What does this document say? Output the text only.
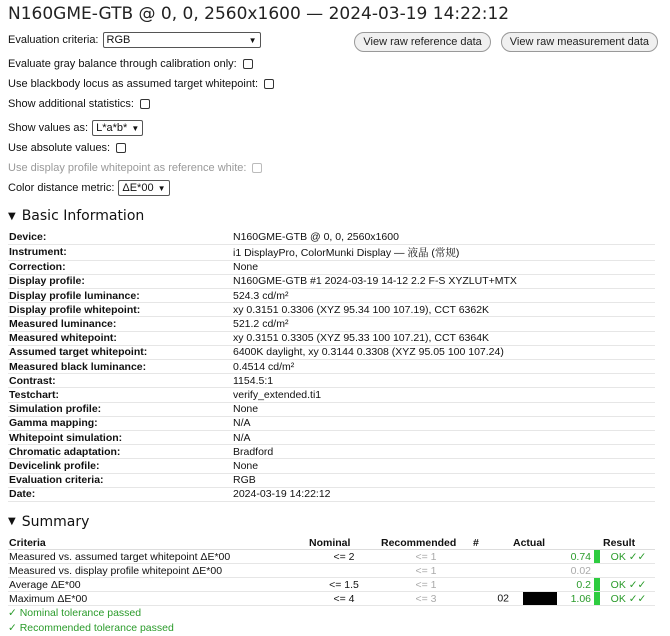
N160GME-GTB @ 0, 0, 2560x1600 — 2024-03-19 14:22:12
View raw reference data	View raw measurement data
Evaluation criteria: RGB	▼
Evaluate gray balance through calibration only:
Use blackbody locus as assumed target whitepoint:
Show additional statistics:
Show values as: L*a*b* ▼
Use absolute values:
Use display profile whitepoint as reference white:
Color distance metric: ΔE*00 ▼
▼ Basic Information
Device:	N160GME-GTB @ 0, 0, 2560x1600
Instrument:	i1 DisplayPro, ColorMunki Display — 液晶 (常规)
Correction:	None
Display profile:	N160GME-GTB #1 2024-03-19 14-12 2.2 F-S XYZLUT+MTX
Display profile luminance:	524.3 cd/m²
Display profile whitepoint:	xy 0.3151 0.3306 (XYZ 95.34 100 107.19), CCT 6362K
Measured luminance:	521.2 cd/m²
Measured whitepoint:	xy 0.3151 0.3305 (XYZ 95.33 100 107.21), CCT 6364K
Assumed target whitepoint:	6400K daylight, xy 0.3144 0.3308 (XYZ 95.05 100 107.24)
Measured black luminance:	0.4514 cd/m²
Contrast:	1154.5:1
Testchart:	verify_extended.ti1
Simulation profile:	None
Gamma mapping:	N/A
Whitepoint simulation:	N/A
Chromatic adaptation:	Bradford
Devicelink profile:	None
Evaluation criteria:	RGB
Date:	2024-03-19 14:22:12
▼ Summary
Criteria	Nominal	Recommended	#	Actual		Result
Measured vs. assumed target whitepoint ΔE*00	<= 2	<= 1		0.74		OK ✓✓
Measured vs. display profile whitepoint ΔE*00		<= 1		0.02		
Average ΔE*00	<= 1.5	<= 1		0.2		OK ✓✓
Maximum ΔE*00	<= 4	<= 3	02	1.06		OK ✓✓
✓ Nominal tolerance passed
✓ Recommended tolerance passed
